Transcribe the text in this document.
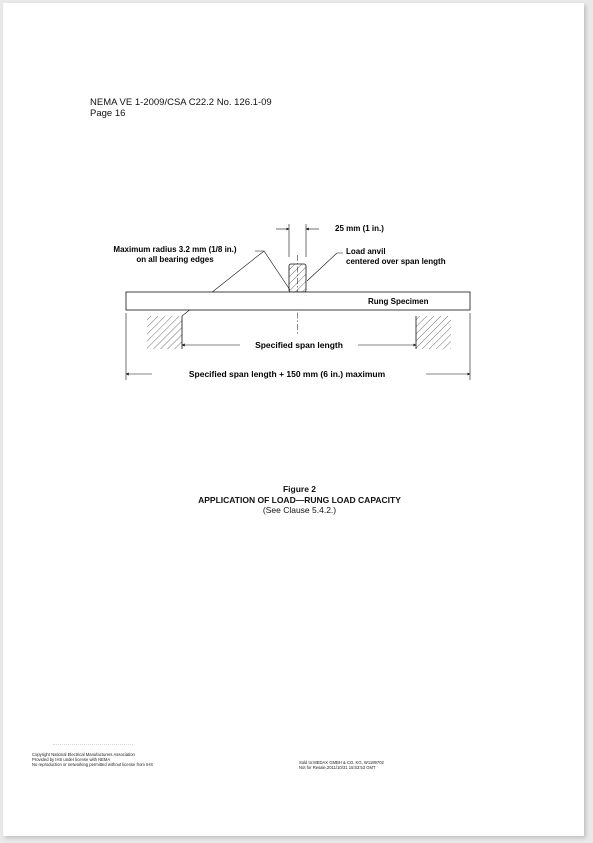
NEMA VE 1-2009/CSA C22.2 No. 126.1-09
Page 16
25 mm (1 in.)
Maximum radius 3.2 mm (1/8 in.)
on all bearing edges
Load anvil
centered over span length
Rung Specimen
Specified span length
Specified span length + 150 mm (6 in.) maximum
Figure 2
APPLICATION OF LOAD—RUNG LOAD CAPACITY
(See Clause 5.4.2.)
Copyright National Electrical Manufacturers Association
Provided by IHS under license with NEMA
No reproduction or networking permitted without license from IHS	Sold to:MEDAX GMBH & CO. KG, W1189702
Not for Resale,2011/10/31 15:53:53 GMT
